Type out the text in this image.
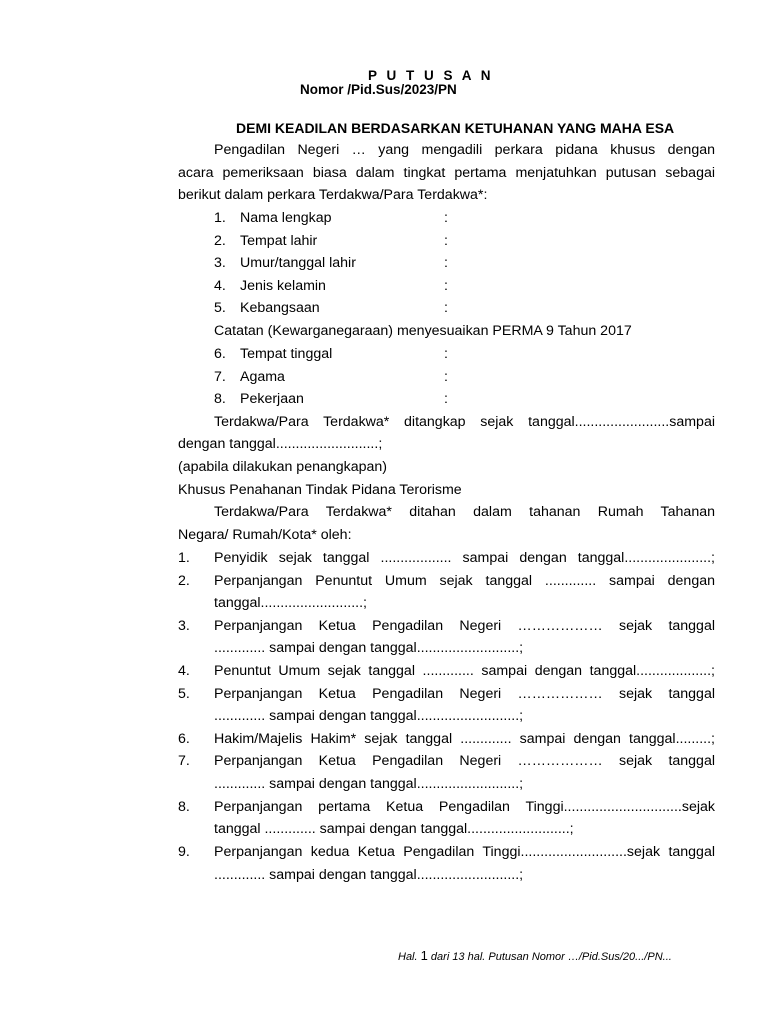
P U T U S A N
Nomor /Pid.Sus/2023/PN
DEMI KEADILAN BERDASARKAN KETUHANAN YANG MAHA ESA
Pengadilan Negeri … yang mengadili perkara pidana khusus dengan
acara pemeriksaan biasa dalam tingkat pertama menjatuhkan putusan sebagai
berikut dalam perkara Terdakwa/Para Terdakwa*:
1. Nama lengkap	:
2. Tempat lahir	:
3. Umur/tanggal lahir	:
4. Jenis kelamin	:
5. Kebangsaan	:
Catatan (Kewarganegaraan) menyesuaikan PERMA 9 Tahun 2017
6. Tempat tinggal	:
7. Agama	:
8. Pekerjaan	:
Terdakwa/Para Terdakwa* ditangkap sejak tanggal........................sampai
dengan tanggal..........................;
(apabila dilakukan penangkapan)
Khusus Penahanan Tindak Pidana Terorisme
Terdakwa/Para Terdakwa* ditahan dalam tahanan Rumah Tahanan
Negara/ Rumah/Kota* oleh:
1. Penyidik sejak tanggal .................. sampai dengan tanggal......................;
2. Perpanjangan Penuntut Umum sejak tanggal ............. sampai dengan
tanggal..........................;
3. Perpanjangan Ketua Pengadilan Negeri ……………… sejak tanggal
............. sampai dengan tanggal..........................;
4. Penuntut Umum sejak tanggal ............. sampai dengan tanggal...................;
5. Perpanjangan Ketua Pengadilan Negeri ……………… sejak tanggal
............. sampai dengan tanggal..........................;
6. Hakim/Majelis Hakim* sejak tanggal ............. sampai dengan tanggal.........;
7. Perpanjangan Ketua Pengadilan Negeri ……………… sejak tanggal
............. sampai dengan tanggal..........................;
8. Perpanjangan pertama Ketua Pengadilan Tinggi..............................sejak
tanggal ............. sampai dengan tanggal..........................;
9. Perpanjangan kedua Ketua Pengadilan Tinggi...........................sejak tanggal
............. sampai dengan tanggal..........................;
Hal. 1 dari 13 hal. Putusan Nomor …/Pid.Sus/20.../PN...
